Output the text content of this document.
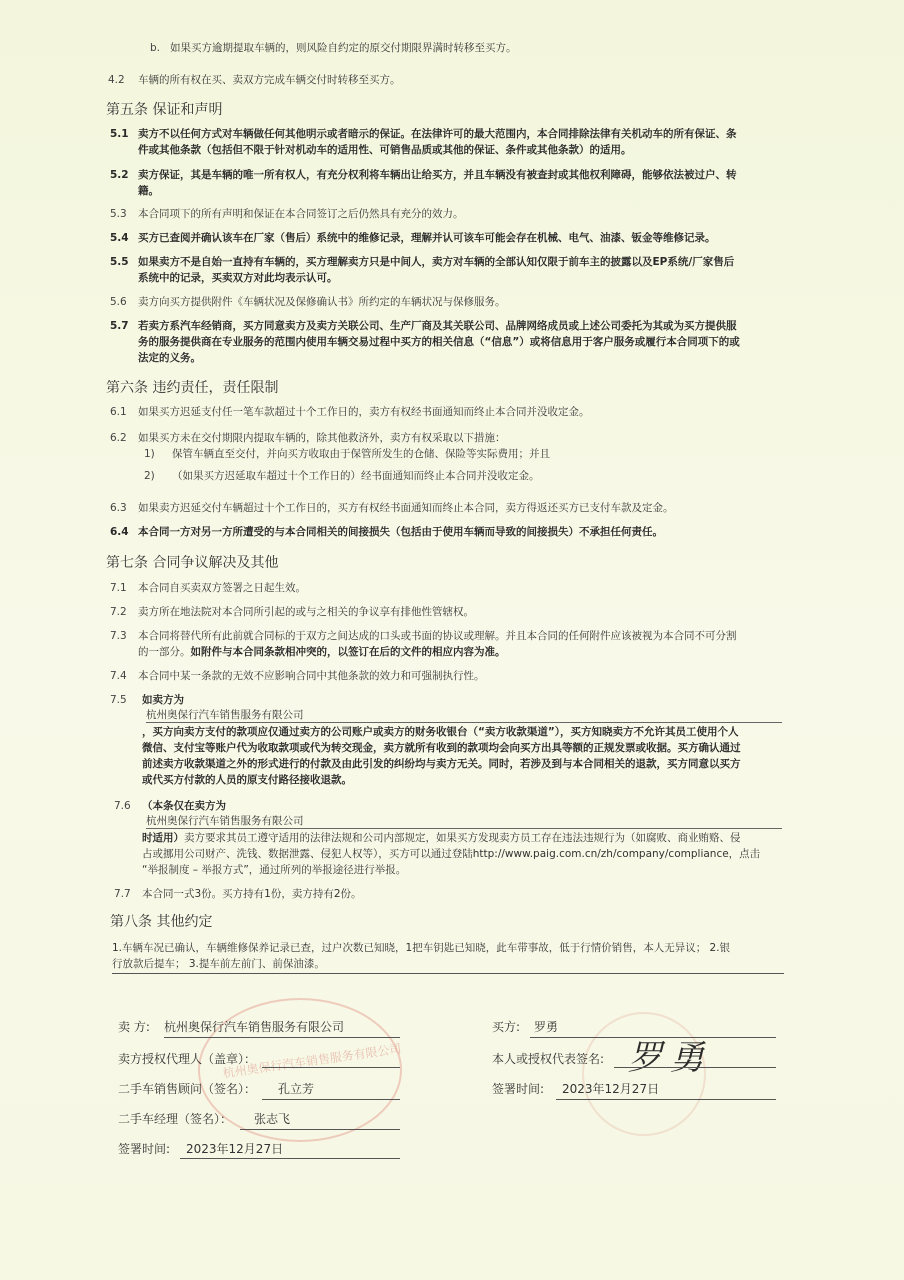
b. 如果买方逾期提取车辆的，则风险自约定的原交付期限界满时转移至买方。
4.2 车辆的所有权在买、卖双方完成车辆交付时转移至买方。
第五条 保证和声明
5.1 卖方不以任何方式对车辆做任何其他明示或者暗示的保证。在法律许可的最大范围内，本合同排除法律有关机动车的所有保证、条
件或其他条款（包括但不限于针对机动车的适用性、可销售品质或其他的保证、条件或其他条款）的适用。
5.2 卖方保证，其是车辆的唯一所有权人，有充分权利将车辆出让给买方，并且车辆没有被查封或其他权利障碍，能够依法被过户、转
籍。
5.3 本合同项下的所有声明和保证在本合同签订之后仍然具有充分的效力。
5.4 买方已查阅并确认该车在厂家（售后）系统中的维修记录，理解并认可该车可能会存在机械、电气、油漆、钣金等维修记录。
5.5 如果卖方不是自始一直持有车辆的，买方理解卖方只是中间人，卖方对车辆的全部认知仅限于前车主的披露以及EP系统/厂家售后
系统中的记录，买卖双方对此均表示认可。
5.6 卖方向买方提供附件《车辆状况及保修确认书》所约定的车辆状况与保修服务。
5.7 若卖方系汽车经销商，买方同意卖方及卖方关联公司、生产厂商及其关联公司、品牌网络成员或上述公司委托为其或为买方提供服
务的服务提供商在专业服务的范围内使用车辆交易过程中买方的相关信息（“信息”）或将信息用于客户服务或履行本合同项下的或
法定的义务。
第六条 违约责任，责任限制
6.1 如果买方迟延支付任一笔车款超过十个工作日的，卖方有权经书面通知而终止本合同并没收定金。
6.2 如果买方未在交付期限内提取车辆的，除其他救济外，卖方有权采取以下措施：
1) 保管车辆直至交付，并向买方收取由于保管所发生的仓储、保险等实际费用；并且
2) （如果买方迟延取车超过十个工作日的）经书面通知而终止本合同并没收定金。
6.3 如果卖方迟延交付车辆超过十个工作日的，买方有权经书面通知而终止本合同，卖方得返还买方已支付车款及定金。
6.4 本合同一方对另一方所遭受的与本合同相关的间接损失（包括由于使用车辆而导致的间接损失）不承担任何责任。
第七条 合同争议解决及其他
7.1 本合同自买卖双方签署之日起生效。
7.2 卖方所在地法院对本合同所引起的或与之相关的争议享有排他性管辖权。
7.3 本合同将替代所有此前就合同标的于双方之间达成的口头或书面的协议或理解。并且本合同的任何附件应该被视为本合同不可分割
的一部分。如附件与本合同条款相冲突的，以签订在后的文件的相应内容为准。
7.4 本合同中某一条款的无效不应影响合同中其他条款的效力和可强制执行性。
7.5 如卖方为
杭州奥保行汽车销售服务有限公司
，买方向卖方支付的款项应仅通过卖方的公司账户或卖方的财务收银台（“卖方收款渠道”），买方知晓卖方不允许其员工使用个人
微信、支付宝等账户代为收取款项或代为转交现金，卖方就所有收到的款项均会向买方出具等额的正规发票或收据。买方确认通过
前述卖方收款渠道之外的形式进行的付款及由此引发的纠纷均与卖方无关。同时，若涉及到与本合同相关的退款，买方同意以买方
或代买方付款的人员的原支付路径接收退款。
7.6 （本条仅在卖方为
杭州奥保行汽车销售服务有限公司
时适用）卖方要求其员工遵守适用的法律法规和公司内部规定，如果买方发现卖方员工存在违法违规行为（如腐败、商业贿赂、侵
占或挪用公司财产、洗钱、数据泄露、侵犯人权等），买方可以通过登陆http://www.paig.com.cn/zh/company/compliance，点击
“举报制度 – 举报方式”，通过所列的举报途径进行举报。
7.7 本合同一式3份。买方持有1份，卖方持有2份。
第八条 其他约定
1.车辆车况已确认，车辆维修保养记录已查，过户次数已知晓，1把车钥匙已知晓，此车带事故，低于行情价销售，本人无异议； 2.银
行放款后提车； 3.提车前左前门、前保油漆。
杭州奥保行汽车销售服务有限公司
卖 方: 杭州奥保行汽车销售服务有限公司
卖方授权代理人（盖章）：
二手车销售顾问（签名）： 孔立芳
二手车经理（签名）： 张志飞
签署时间: 2023年12月27日
买方: 罗勇
本人或授权代表签名: 罗勇
签署时间: 2023年12月27日
